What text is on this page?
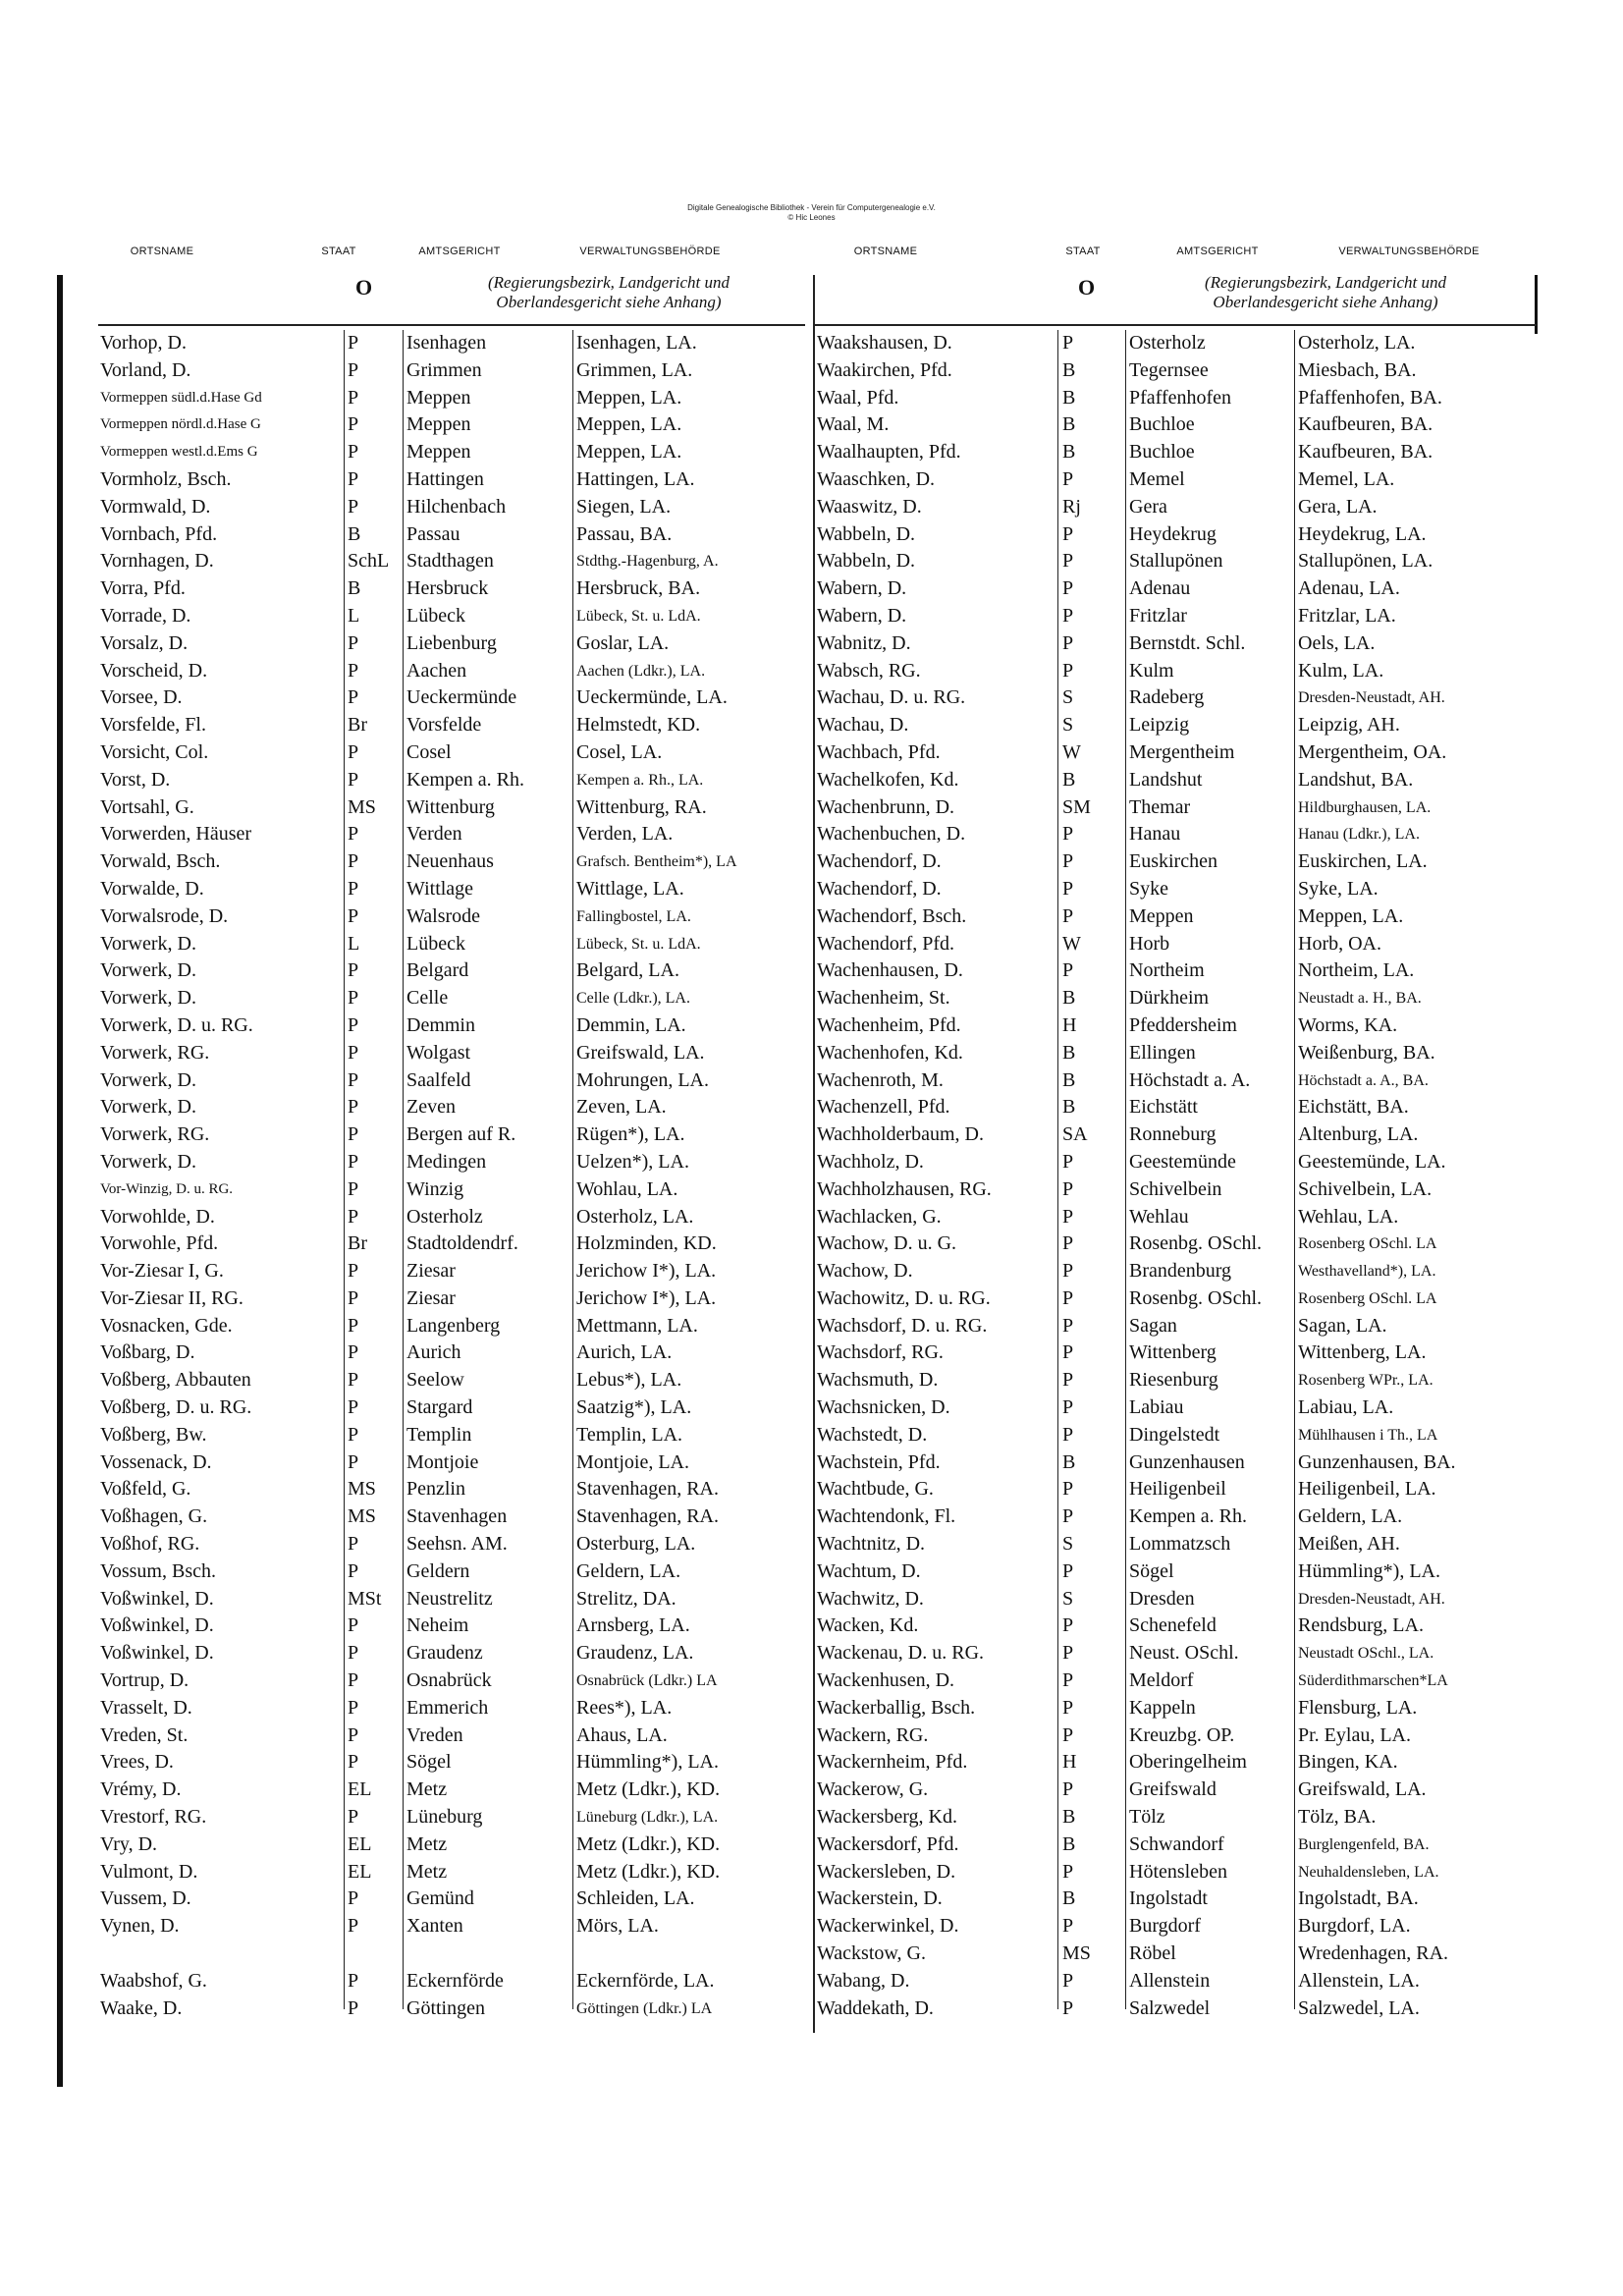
Digitale Genealogische Bibliothek - Verein für Computergenealogie e.V.
© Hic Leones
ORTSNAME	STAAT	AMTSGERICHT	VERWALTUNGSBEHÖRDE	ORTSNAME	STAAT	AMTSGERICHT	VERWALTUNGSBEHÖRDE
O	(Regierungsbezirk, Landgericht und
Oberlandesgericht siehe Anhang)
O	(Regierungsbezirk, Landgericht und
Oberlandesgericht siehe Anhang)
Vorhop, D.	P	Isenhagen	Isenhagen, LA.
Vorland, D.	P	Grimmen	Grimmen, LA.
Vormeppen südl.d.Hase Gd	P	Meppen	Meppen, LA.
Vormeppen nördl.d.Hase G	P	Meppen	Meppen, LA.
Vormeppen westl.d.Ems G	P	Meppen	Meppen, LA.
Vormholz, Bsch.	P	Hattingen	Hattingen, LA.
Vormwald, D.	P	Hilchenbach	Siegen, LA.
Vornbach, Pfd.	B	Passau	Passau, BA.
Vornhagen, D.	SchL Stadthagen	Stdthg.-Hagenburg, A.
Vorra, Pfd.	B	Hersbruck	Hersbruck, BA.
Vorrade, D.	L	Lübeck	Lübeck, St. u. LdA.
Vorsalz, D.	P	Liebenburg	Goslar, LA.
Vorscheid, D.	P	Aachen	Aachen (Ldkr.), LA.
Vorsee, D.	P	Ueckermünde	Ueckermünde, LA.
Vorsfelde, Fl.	Br	Vorsfelde	Helmstedt, KD.
Vorsicht, Col.	P	Cosel	Cosel, LA.
Vorst, D.	P	Kempen a. Rh.	Kempen a. Rh., LA.
Vortsahl, G.	MS	Wittenburg	Wittenburg, RA.
Vorwerden, Häuser	P	Verden	Verden, LA.
Vorwald, Bsch.	P	Neuenhaus	Grafsch. Bentheim*), LA
Vorwalde, D.	P	Wittlage	Wittlage, LA.
Vorwalsrode, D.	P	Walsrode	Fallingbostel, LA.
Vorwerk, D.	L	Lübeck	Lübeck, St. u. LdA.
Vorwerk, D.	P	Belgard	Belgard, LA.
Vorwerk, D.	P	Celle	Celle (Ldkr.), LA.
Vorwerk, D. u. RG.	P	Demmin	Demmin, LA.
Vorwerk, RG.	P	Wolgast	Greifswald, LA.
Vorwerk, D.	P	Saalfeld	Mohrungen, LA.
Vorwerk, D.	P	Zeven	Zeven, LA.
Vorwerk, RG.	P	Bergen auf R.	Rügen*), LA.
Vorwerk, D.	P	Medingen	Uelzen*), LA.
Vor-Winzig, D. u. RG.	P	Winzig	Wohlau, LA.
Vorwohlde, D.	P	Osterholz	Osterholz, LA.
Vorwohle, Pfd.	Br	Stadtoldendrf.	Holzminden, KD.
Vor-Ziesar I, G.	P	Ziesar	Jerichow I*), LA.
Vor-Ziesar II, RG.	P	Ziesar	Jerichow I*), LA.
Vosnacken, Gde.	P	Langenberg	Mettmann, LA.
Voßbarg, D.	P	Aurich	Aurich, LA.
Voßberg, Abbauten	P	Seelow	Lebus*), LA.
Voßberg, D. u. RG.	P	Stargard	Saatzig*), LA.
Voßberg, Bw.	P	Templin	Templin, LA.
Vossenack, D.	P	Montjoie	Montjoie, LA.
Voßfeld, G.	MS	Penzlin	Stavenhagen, RA.
Voßhagen, G.	MS	Stavenhagen	Stavenhagen, RA.
Voßhof, RG.	P	Seehsn. AM.	Osterburg, LA.
Vossum, Bsch.	P	Geldern	Geldern, LA.
Voßwinkel, D.	MSt	Neustrelitz	Strelitz, DA.
Voßwinkel, D.	P	Neheim	Arnsberg, LA.
Voßwinkel, D.	P	Graudenz	Graudenz, LA.
Vortrup, D.	P	Osnabrück	Osnabrück (Ldkr.) LA
Vrasselt, D.	P	Emmerich	Rees*), LA.
Vreden, St.	P	Vreden	Ahaus, LA.
Vrees, D.	P	Sögel	Hümmling*), LA.
Vrémy, D.	EL	Metz	Metz (Ldkr.), KD.
Vrestorf, RG.	P	Lüneburg	Lüneburg (Ldkr.), LA.
Vry, D.	EL	Metz	Metz (Ldkr.), KD.
Vulmont, D.	EL	Metz	Metz (Ldkr.), KD.
Vussem, D.	P	Gemünd	Schleiden, LA.
Vynen, D.	P	Xanten	Mörs, LA.
Waabshof, G.	P	Eckernförde	Eckernförde, LA.
Waake, D.	P	Göttingen	Göttingen (Ldkr.) LA
Waakshausen, D.	P	Osterholz	Osterholz, LA.
Waakirchen, Pfd.	B	Tegernsee	Miesbach, BA.
Waal, Pfd.	B	Pfaffenhofen	Pfaffenhofen, BA.
Waal, M.	B	Buchloe	Kaufbeuren, BA.
Waalhaupten, Pfd.	B	Buchloe	Kaufbeuren, BA.
Waaschken, D.	P	Memel	Memel, LA.
Waaswitz, D.	Rj	Gera	Gera, LA.
Wabbeln, D.	P	Heydekrug	Heydekrug, LA.
Wabbeln, D.	P	Stallupönen	Stallupönen, LA.
Wabern, D.	P	Adenau	Adenau, LA.
Wabern, D.	P	Fritzlar	Fritzlar, LA.
Wabnitz, D.	P	Bernstdt. Schl.	Oels, LA.
Wabsch, RG.	P	Kulm	Kulm, LA.
Wachau, D. u. RG.	S	Radeberg	Dresden-Neustadt, AH.
Wachau, D.	S	Leipzig	Leipzig, AH.
Wachbach, Pfd.	W	Mergentheim	Mergentheim, OA.
Wachelkofen, Kd.	B	Landshut	Landshut, BA.
Wachenbrunn, D.	SM	Themar	Hildburghausen, LA.
Wachenbuchen, D.	P	Hanau	Hanau (Ldkr.), LA.
Wachendorf, D.	P	Euskirchen	Euskirchen, LA.
Wachendorf, D.	P	Syke	Syke, LA.
Wachendorf, Bsch.	P	Meppen	Meppen, LA.
Wachendorf, Pfd.	W	Horb	Horb, OA.
Wachenhausen, D.	P	Northeim	Northeim, LA.
Wachenheim, St.	B	Dürkheim	Neustadt a. H., BA.
Wachenheim, Pfd.	H	Pfeddersheim	Worms, KA.
Wachenhofen, Kd.	B	Ellingen	Weißenburg, BA.
Wachenroth, M.	B	Höchstadt a. A.	Höchstadt a. A., BA.
Wachenzell, Pfd.	B	Eichstätt	Eichstätt, BA.
Wachholderbaum, D.	SA	Ronneburg	Altenburg, LA.
Wachholz, D.	P	Geestemünde	Geestemünde, LA.
Wachholzhausen, RG.	P	Schivelbein	Schivelbein, LA.
Wachlacken, G.	P	Wehlau	Wehlau, LA.
Wachow, D. u. G.	P	Rosenbg. OSchl.	Rosenberg OSchl. LA
Wachow, D.	P	Brandenburg	Westhavelland*), LA.
Wachowitz, D. u. RG.	P	Rosenbg. OSchl.	Rosenberg OSchl. LA
Wachsdorf, D. u. RG.	P	Sagan	Sagan, LA.
Wachsdorf, RG.	P	Wittenberg	Wittenberg, LA.
Wachsmuth, D.	P	Riesenburg	Rosenberg WPr., LA.
Wachsnicken, D.	P	Labiau	Labiau, LA.
Wachstedt, D.	P	Dingelstedt	Mühlhausen i Th., LA
Wachstein, Pfd.	B	Gunzenhausen	Gunzenhausen, BA.
Wachtbude, G.	P	Heiligenbeil	Heiligenbeil, LA.
Wachtendonk, Fl.	P	Kempen a. Rh.	Geldern, LA.
Wachtnitz, D.	S	Lommatzsch	Meißen, AH.
Wachtum, D.	P	Sögel	Hümmling*), LA.
Wachwitz, D.	S	Dresden	Dresden-Neustadt, AH.
Wacken, Kd.	P	Schenefeld	Rendsburg, LA.
Wackenau, D. u. RG.	P	Neust. OSchl.	Neustadt OSchl., LA.
Wackenhusen, D.	P	Meldorf	Süderdithmarschen*LA
Wackerballig, Bsch.	P	Kappeln	Flensburg, LA.
Wackern, RG.	P	Kreuzbg. OP.	Pr. Eylau, LA.
Wackernheim, Pfd.	H	Oberingelheim	Bingen, KA.
Wackerow, G.	P	Greifswald	Greifswald, LA.
Wackersberg, Kd.	B	Tölz	Tölz, BA.
Wackersdorf, Pfd.	B	Schwandorf	Burglengenfeld, BA.
Wackersleben, D.	P	Hötensleben	Neuhaldensleben, LA.
Wackerstein, D.	B	Ingolstadt	Ingolstadt, BA.
Wackerwinkel, D.	P	Burgdorf	Burgdorf, LA.
Wackstow, G.	MS	Röbel	Wredenhagen, RA.
Wabang, D.	P	Allenstein	Allenstein, LA.
Waddekath, D.	P	Salzwedel	Salzwedel, LA.
